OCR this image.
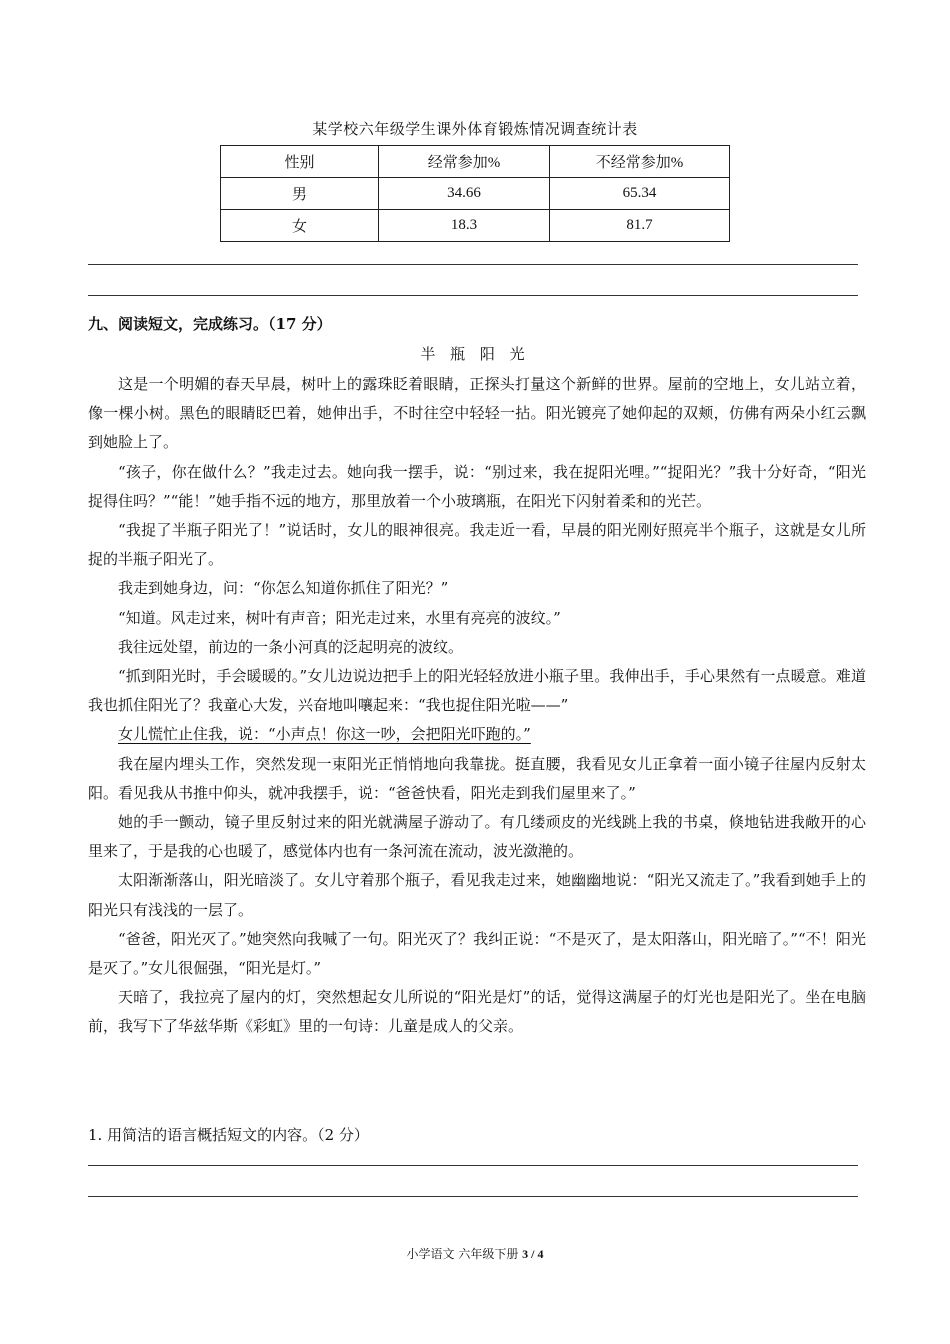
某学校六年级学生课外体育锻炼情况调查统计表
性别	经常参加%	不经常参加%
男	34.66	65.34
女	18.3	81.7
九、阅读短文，完成练习。（17 分）
半 瓶 阳 光

这是一个明媚的春天早晨，树叶上的露珠眨着眼睛，正探头打量这个新鲜的世界。屋前的空地上，女儿站立着，像一棵小树。黑色的眼睛眨巴着，她伸出手，不时往空中轻轻一拈。阳光镀亮了她仰起的双颊，仿佛有两朵小红云飘到她脸上了。

“孩子，你在做什么？”我走过去。她向我一摆手，说：“别过来，我在捉阳光哩。”“捉阳光？”我十分好奇，“阳光捉得住吗？”“能！”她手指不远的地方，那里放着一个小玻璃瓶，在阳光下闪射着柔和的光芒。

“我捉了半瓶子阳光了！”说话时，女儿的眼神很亮。我走近一看，早晨的阳光刚好照亮半个瓶子，这就是女儿所捉的半瓶子阳光了。

我走到她身边，问：“你怎么知道你抓住了阳光？”

“知道。风走过来，树叶有声音；阳光走过来，水里有亮亮的波纹。”

我往远处望，前边的一条小河真的泛起明亮的波纹。

“抓到阳光时，手会暖暖的。”女儿边说边把手上的阳光轻轻放进小瓶子里。我伸出手，手心果然有一点暖意。难道我也抓住阳光了？我童心大发，兴奋地叫嚷起来：“我也捉住阳光啦——”

女儿慌忙止住我，说：“小声点！你这一吵，会把阳光吓跑的。”

我在屋内埋头工作，突然发现一束阳光正悄悄地向我靠拢。挺直腰，我看见女儿正拿着一面小镜子往屋内反射太阳。看见我从书推中仰头，就冲我摆手，说：“爸爸快看，阳光走到我们屋里来了。”

她的手一颤动，镜子里反射过来的阳光就满屋子游动了。有几缕顽皮的光线跳上我的书桌，倏地钻进我敞开的心里来了，于是我的心也暖了，感觉体内也有一条河流在流动，波光潋滟的。

太阳渐渐落山，阳光暗淡了。女儿守着那个瓶子，看见我走过来，她幽幽地说：“阳光又流走了。”我看到她手上的阳光只有浅浅的一层了。

“爸爸，阳光灭了。”她突然向我喊了一句。阳光灭了？我纠正说：“不是灭了，是太阳落山，阳光暗了。”“不！阳光是灭了。”女儿很倔强，“阳光是灯。”

天暗了，我拉亮了屋内的灯，突然想起女儿所说的“阳光是灯”的话，觉得这满屋子的灯光也是阳光了。坐在电脑前，我写下了华兹华斯《彩虹》里的一句诗：儿童是成人的父亲。

1. 用简洁的语言概括短文的内容。（2 分）
小学语文 六年级下册 3 / 4
